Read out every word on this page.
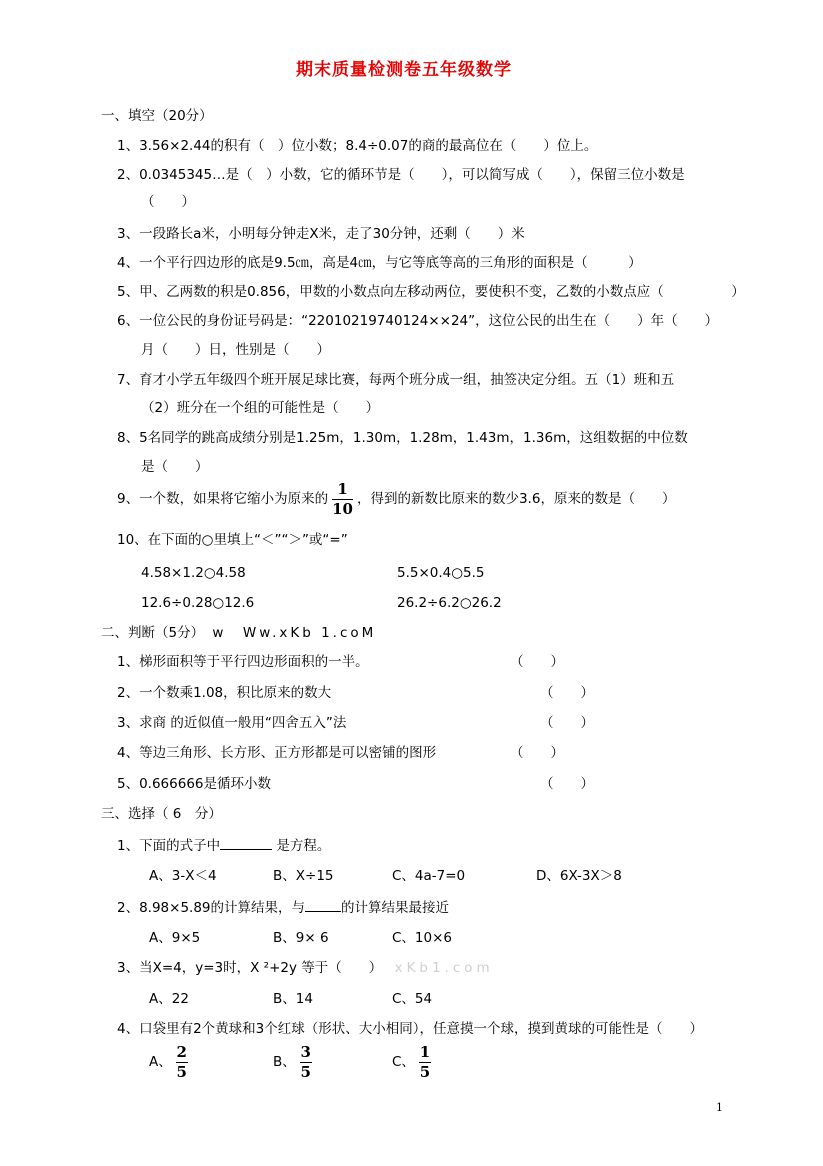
期末质量检测卷五年级数学
一、填空（20分）
1、3.56×2.44的积有（　）位小数；8.4÷0.07的商的最高位在（　　）位上。
2、0.0345345…是（　）小数，它的循环节是（　　），可以简写成（　　），保留三位小数是
（　　）
3、一段路长a米，小明每分钟走X米，走了30分钟，还剩（　　）米
4、一个平行四边形的底是9.5㎝，高是4㎝，与它等底等高的三角形的面积是（　　　）
5、甲、乙两数的积是0.856，甲数的小数点向左移动两位，要使积不变，乙数的小数点应（　　　　　）
6、一位公民的身份证号码是：“2201021974012​4××24”，这位公民的出生在（　　）年（　　）
月（　　）日，性别是（　　）
7、育才小学五年级四个班开展足球比赛，每两个班分成一组，抽签决定分组。五（1）班和五
（2）班分在一个组的可能性是（　　）
8、5名同学的跳高成绩分别是1.25m，1.30m，1.28m，1.43m，1.36m，这组数据的中位数
是（　　）
9、一个数，如果将它缩小为原来的 $\frac{1}{10}$ ，得到的新数比原来的数少3.6，原来的数是（　　）
10、在下面的○里填上“＜”“＞”或“=”
4.58×1.2○4.58	5.5×0.4○5.5
12.6÷0.28○12.6	26.2÷6.2○26.2
二、判断（5分） w　Ww.xKb 1.coM
1、梯形面积等于平行四边形面积的一半。	（　　）
2、一个数乘1.08，积比原来的数大	（　　）
3、求商 的近似值一般用“四舍五入”法	（　　）
4、等边三角形、长方形、正方形都是可以密铺的图形	（　　）
5、0.666666是循环小数	（　　）
三、选择（ 6　分）
1、下面的式子中	是方程。
A、3-X＜4	B、X÷15	C、4a-7=0	D、6X-3X＞8
2、8.98×5.89的计算结果，与	的计算结果最接近
A、9×5	B、9× 6	C、10×6
3、当X=4，y=3时，X ²+2y 等于（　　） xKb1.com
A、22	B、14	C、54
4、口袋里有2个黄球和3个红球（形状、大小相同），任意摸一个球，摸到黄球的可能性是（　　）
A、 $\frac{2}{5}$	B、 $\frac{3}{5}$	C、 $\frac{1}{5}$
1
